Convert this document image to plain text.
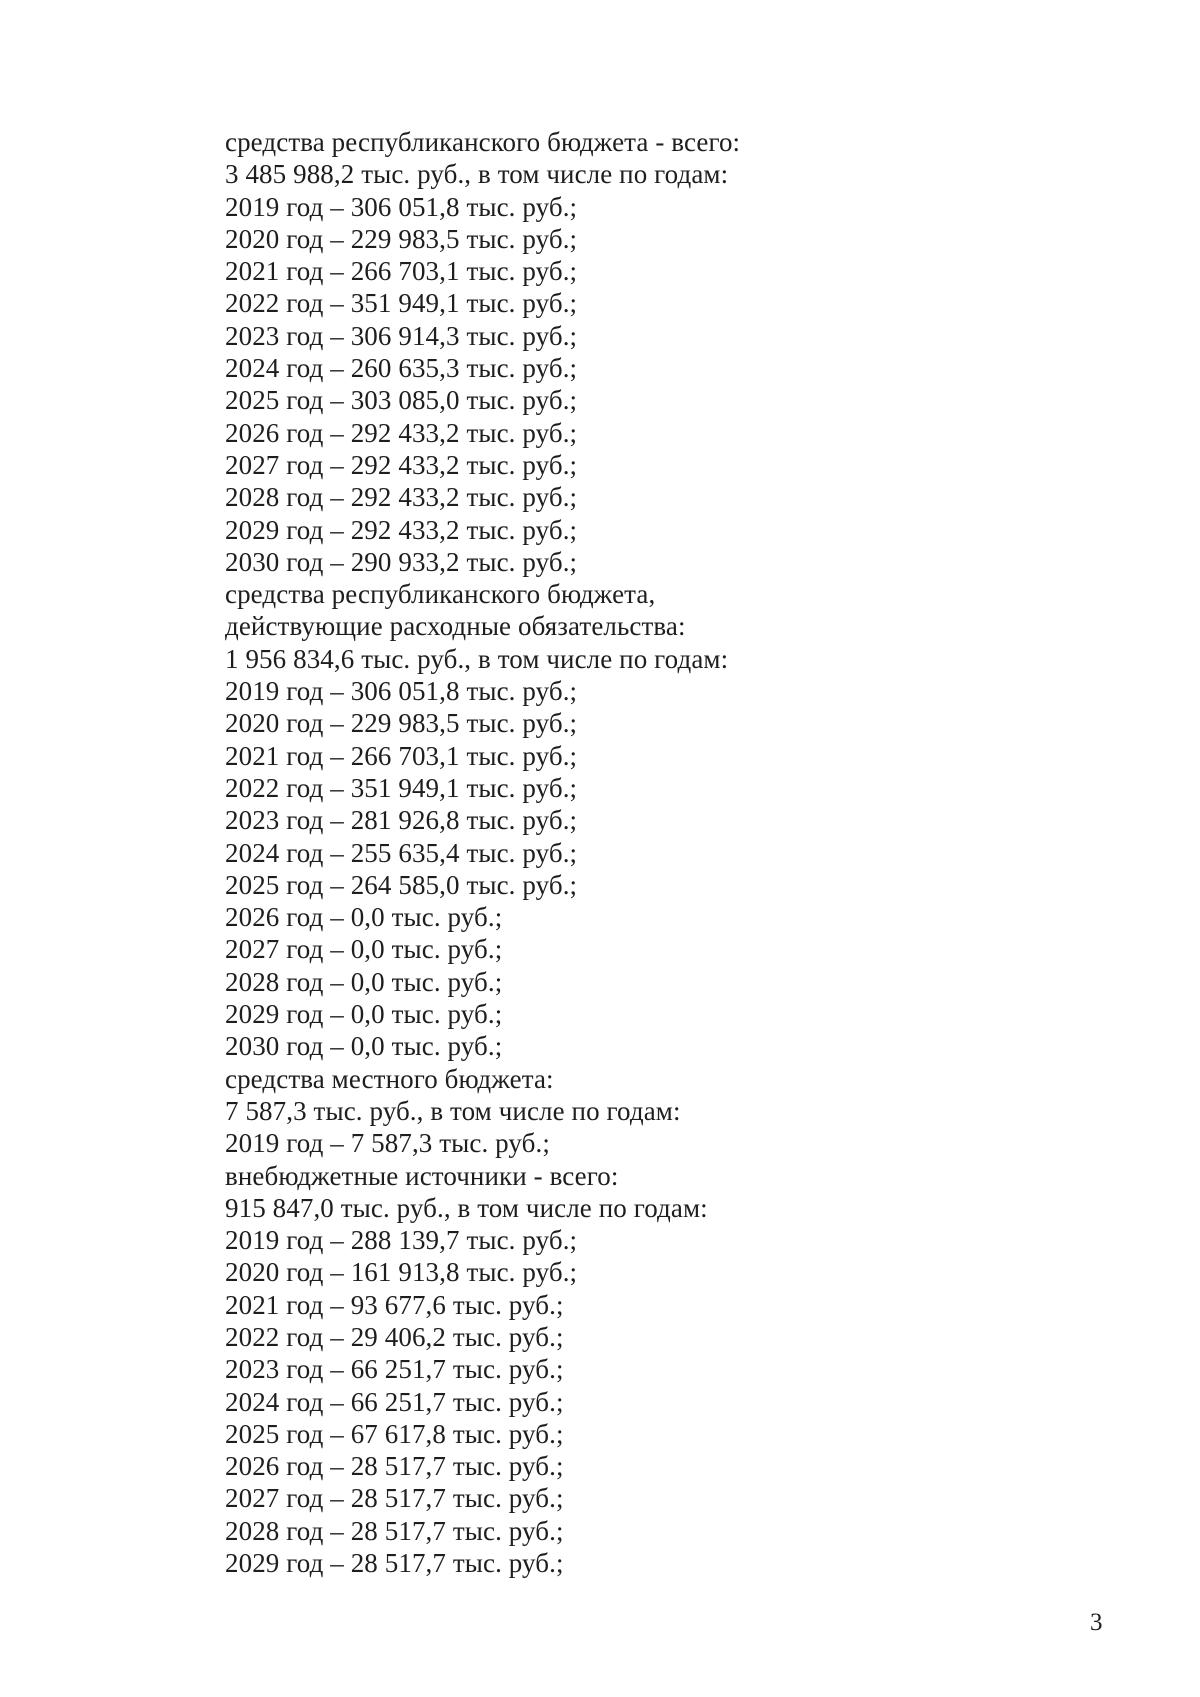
средства республиканского бюджета - всего:
3 485 988,2 тыс. руб., в том числе по годам:
2019 год – 306 051,8 тыс. руб.;
2020 год – 229 983,5 тыс. руб.;
2021 год – 266 703,1 тыс. руб.;
2022 год – 351 949,1 тыс. руб.;
2023 год – 306 914,3 тыс. руб.;
2024 год – 260 635,3 тыс. руб.;
2025 год – 303 085,0 тыс. руб.;
2026 год – 292 433,2 тыс. руб.;
2027 год – 292 433,2 тыс. руб.;
2028 год – 292 433,2 тыс. руб.;
2029 год – 292 433,2 тыс. руб.;
2030 год – 290 933,2 тыс. руб.;
средства республиканского бюджета,
действующие расходные обязательства:
1 956 834,6 тыс. руб., в том числе по годам:
2019 год – 306 051,8 тыс. руб.;
2020 год – 229 983,5 тыс. руб.;
2021 год – 266 703,1 тыс. руб.;
2022 год – 351 949,1 тыс. руб.;
2023 год – 281 926,8 тыс. руб.;
2024 год – 255 635,4 тыс. руб.;
2025 год – 264 585,0 тыс. руб.;
2026 год – 0,0 тыс. руб.;
2027 год – 0,0 тыс. руб.;
2028 год – 0,0 тыс. руб.;
2029 год – 0,0 тыс. руб.;
2030 год – 0,0 тыс. руб.;
средства местного бюджета:
7 587,3 тыс. руб., в том числе по годам:
2019 год – 7 587,3 тыс. руб.;
внебюджетные источники - всего:
915 847,0 тыс. руб., в том числе по годам:
2019 год – 288 139,7 тыс. руб.;
2020 год – 161 913,8 тыс. руб.;
2021 год – 93 677,6 тыс. руб.;
2022 год – 29 406,2 тыс. руб.;
2023 год – 66 251,7 тыс. руб.;
2024 год – 66 251,7 тыс. руб.;
2025 год – 67 617,8 тыс. руб.;
2026 год – 28 517,7 тыс. руб.;
2027 год – 28 517,7 тыс. руб.;
2028 год – 28 517,7 тыс. руб.;
2029 год – 28 517,7 тыс. руб.;
3
